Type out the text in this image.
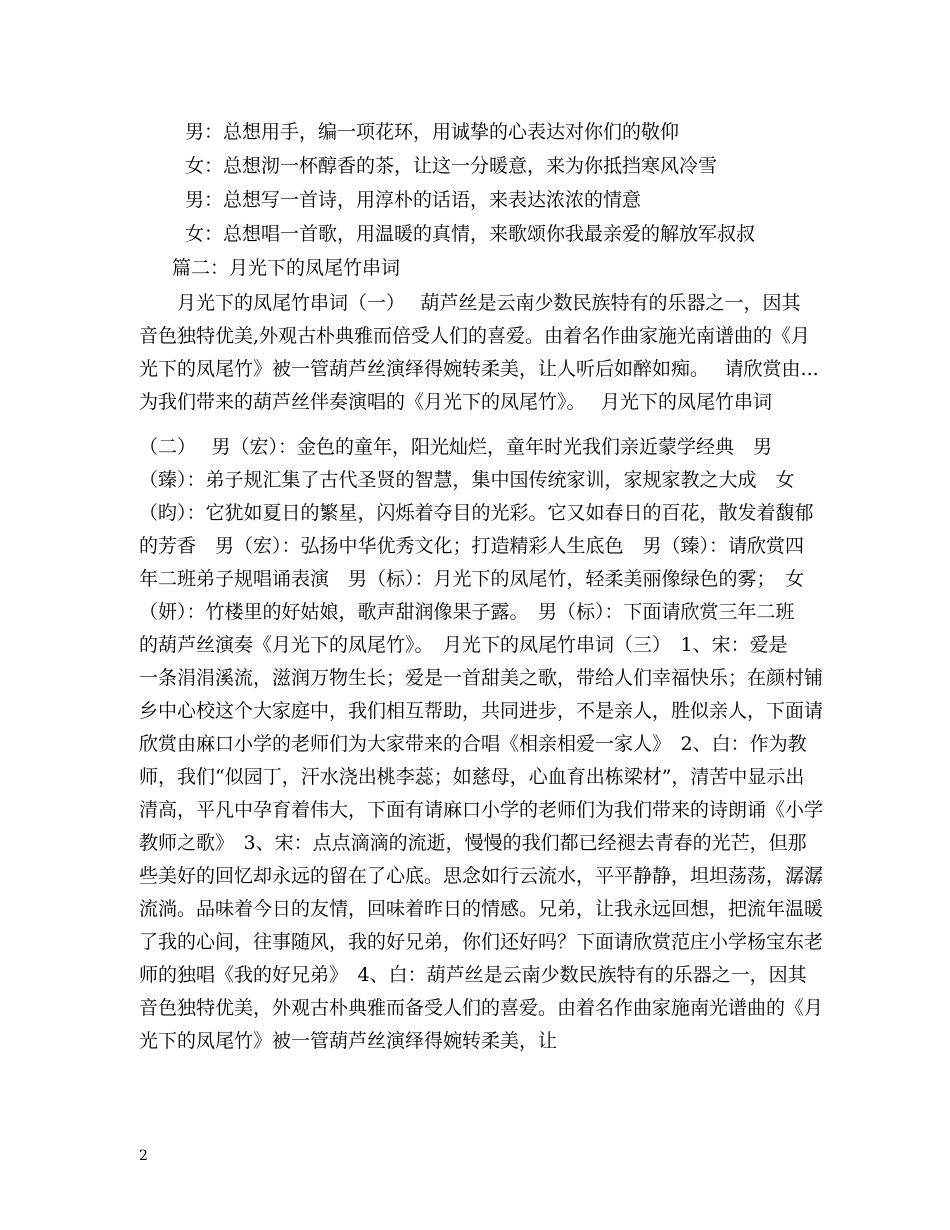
男：总想用手，编一项花环，用诚挚的心表达对你们的敬仰
女：总想沏一杯醇香的茶，让这一分暖意，来为你抵挡寒风冷雪
男：总想写一首诗，用淳朴的话语，来表达浓浓的情意
女：总想唱一首歌，用温暖的真情，来歌颂你我最亲爱的解放军叔叔
篇二：月光下的凤尾竹串词
　　月光下的凤尾竹串词（一）　 葫芦丝是云南少数民族特有的乐器之一，因其
音色独特优美,外观古朴典雅而倍受人们的喜爱。由着名作曲家施光南谱曲的《月
光下的凤尾竹》被一管葫芦丝演绎得婉转柔美，让人听后如醉如痴。　 请欣赏由...
为我们带来的葫芦丝伴奏演唱的《月光下的凤尾竹》。　 月光下的凤尾竹串词
（二）　 男（宏）：金色的童年，阳光灿烂，童年时光我们亲近蒙学经典　男
（臻）：弟子规汇集了古代圣贤的智慧，集中国传统家训，家规家教之大成　女
（昀）：它犹如夏日的繁星，闪烁着夺目的光彩。它又如春日的百花，散发着馥郁
的芳香　男（宏）：弘扬中华优秀文化；打造精彩人生底色　男（臻）：请欣赏四
年二班弟子规唱诵表演　男（标）：月光下的凤尾竹，轻柔美丽像绿色的雾；　女
（妍）：竹楼里的好姑娘，歌声甜润像果子露。　男（标）：下面请欣赏三年二班
的葫芦丝演奏《月光下的凤尾竹》。　月光下的凤尾竹串词（三）　1、宋：爱是
一条涓涓溪流，滋润万物生长；爱是一首甜美之歌，带给人们幸福快乐；在颜村铺
乡中心校这个大家庭中，我们相互帮助，共同进步，不是亲人，胜似亲人，下面请
欣赏由麻口小学的老师们为大家带来的合唱《相亲相爱一家人》　2、白：作为教
师，我们“似园丁，汗水浇出桃李蕊；如慈母，心血育出栋梁材”，清苦中显示出
清高，平凡中孕育着伟大，下面有请麻口小学的老师们为我们带来的诗朗诵《小学
教师之歌》　3、宋：点点滴滴的流逝，慢慢的我们都已经褪去青春的光芒，但那
些美好的回忆却永远的留在了心底。思念如行云流水，平平静静，坦坦荡荡，潺潺
流淌。品味着今日的友情，回味着昨日的情感。兄弟，让我永远回想，把流年温暖
了我的心间，往事随风，我的好兄弟，你们还好吗？下面请欣赏范庄小学杨宝东老
师的独唱《我的好兄弟》　4、白：葫芦丝是云南少数民族特有的乐器之一，因其
音色独特优美，外观古朴典雅而备受人们的喜爱。由着名作曲家施南光谱曲的《月
光下的凤尾竹》被一管葫芦丝演绎得婉转柔美，让
2
